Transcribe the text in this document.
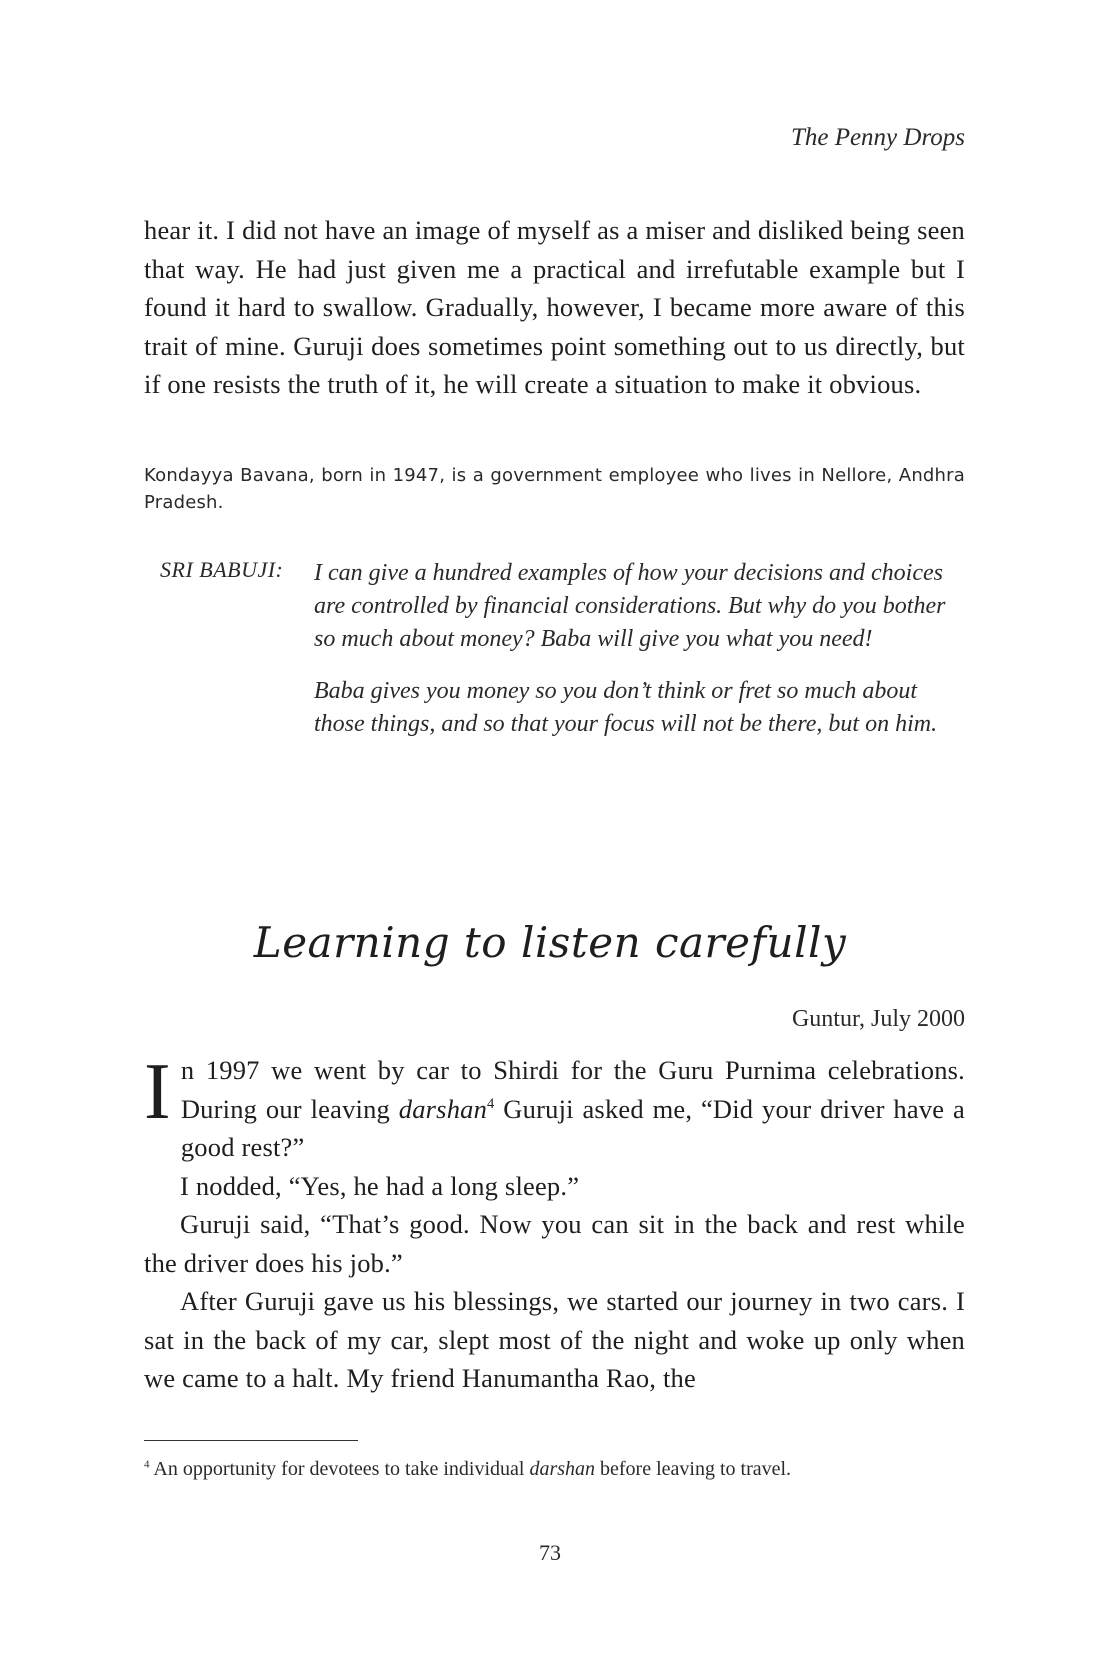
The Penny Drops

hear it. I did not have an image of myself as a miser and disliked being seen that way. He had just given me a practical and irrefutable example but I found it hard to swallow. Gradually, however, I became more aware of this trait of mine. Guruji does sometimes point something out to us directly, but if one resists the truth of it, he will create a situation to make it obvious.

Kondayya Bavana, born in 1947, is a government employee who lives in Nellore, Andhra Pradesh.
SRI BABUJI: I can give a hundred examples of how your decisions and choices are controlled by financial considerations. But why do you bother so much about money? Baba will give you what you need!

Baba gives you money so you don’t think or fret so much about those things, and so that your focus will not be there, but on him.

Learning to listen carefully
Guntur, July 2000

In 1997 we went by car to Shirdi for the Guru Purnima celebrations. During our leaving darshan$^4$ Guruji asked me, “Did your driver have a good rest?”

I nodded, “Yes, he had a long sleep.”

Guruji said, “That’s good. Now you can sit in the back and rest while the driver does his job.”

After Guruji gave us his blessings, we started our journey in two cars. I sat in the back of my car, slept most of the night and woke up only when we came to a halt. My friend Hanumantha Rao, the

$^4$ An opportunity for devotees to take individual darshan before leaving to travel.
73
